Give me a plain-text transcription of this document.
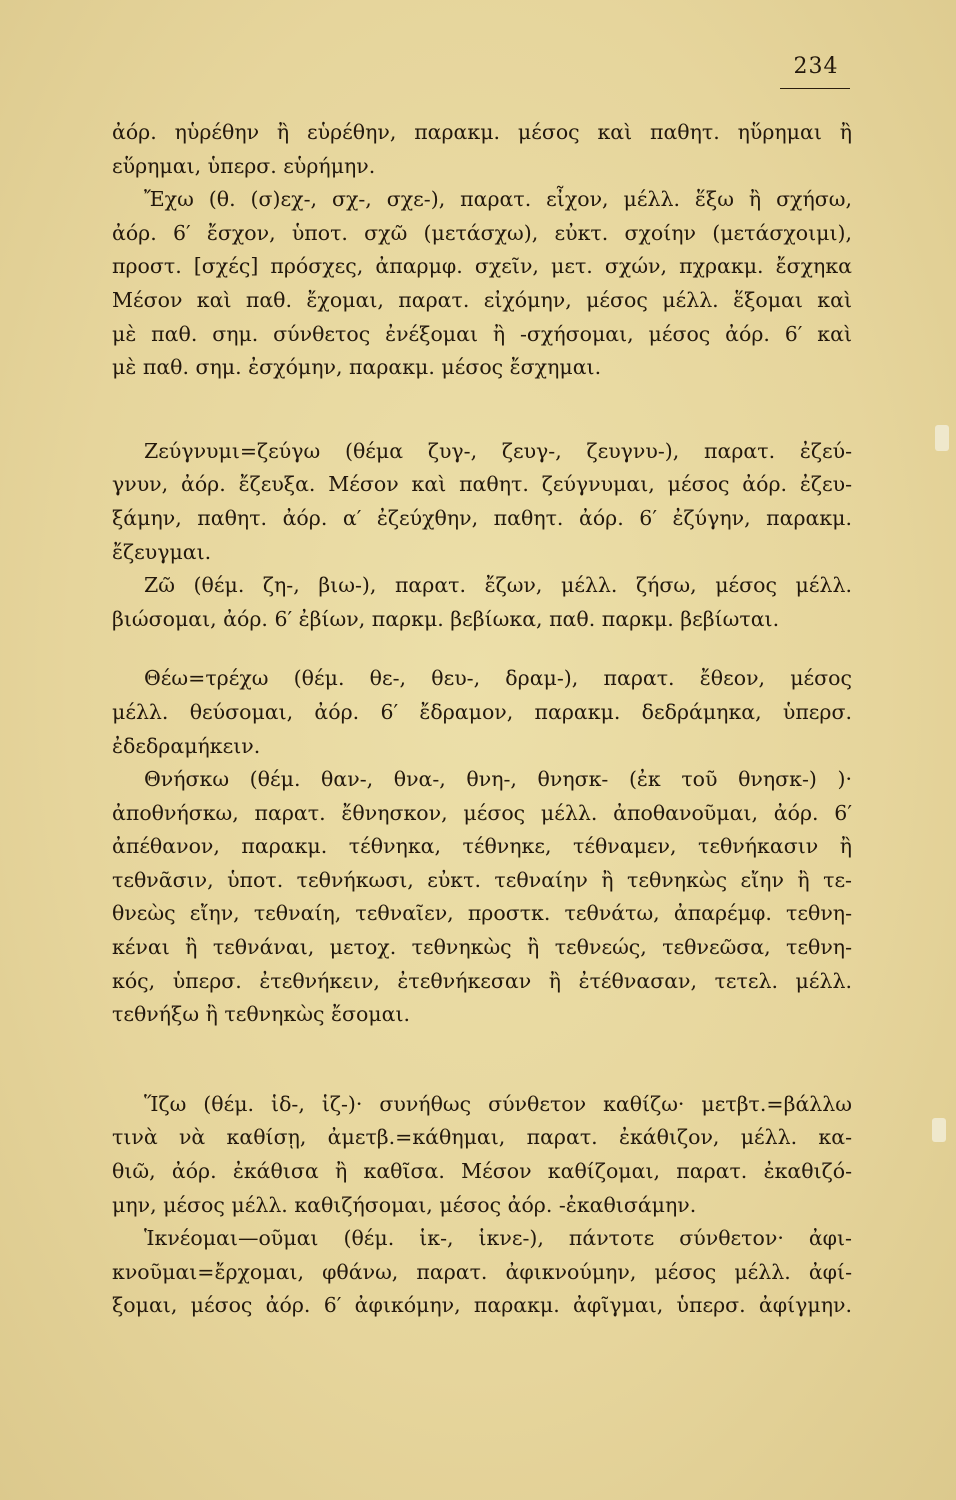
234
ἀόρ. ηὑρέθην ἢ εὑρέθην, παρακμ. μέσος καὶ παθητ. ηὕρημαι ἢ
εὕρημαι, ὑπερσ. εὑρήμην.
Ἔχω (θ. (σ)εχ-, σχ-, σχε-), παρατ. εἶχον, μέλλ. ἕξω ἢ σχήσω,
ἀόρ. 6′ ἔσχον, ὑποτ. σχῶ (μετάσχω), εὐκτ. σχοίην (μετάσχοιμι),
προστ. [σχές] πρόσχες, ἀπαρμφ. σχεῖν, μετ. σχών, πχρακμ. ἔσχηκα
Μέσον καὶ παθ. ἔχομαι, παρατ. εἰχόμην, μέσος μέλλ. ἕξομαι καὶ
μὲ παθ. σημ. σύνθετος ἐνέξομαι ἢ -σχήσομαι, μέσος ἀόρ. 6′ καὶ
μὲ παθ. σημ. ἐσχόμην, παρακμ. μέσος ἔσχημαι.
Ζεύγνυμι=ζεύγω (θέμα ζυγ-, ζευγ-, ζευγνυ-), παρατ. ἐζεύ-
γνυν, ἀόρ. ἔζευξα. Μέσον καὶ παθητ. ζεύγνυμαι, μέσος ἀόρ. ἐζευ-
ξάμην, παθητ. ἀόρ. α′ ἐζεύχθην, παθητ. ἀόρ. 6′ ἐζύγην, παρακμ.
ἔζευγμαι.
Ζῶ (θέμ. ζη-, βιω-), παρατ. ἔζων, μέλλ. ζήσω, μέσος μέλλ.
βιώσομαι, ἀόρ. 6′ ἐβίων, παρκμ. βεβίωκα, παθ. παρκμ. βεβίωται.
Θέω=τρέχω (θέμ. θε-, θευ-, δραμ-), παρατ. ἔθεον, μέσος
μέλλ. θεύσομαι, ἀόρ. 6′ ἔδραμον, παρακμ. δεδράμηκα, ὑπερσ.
ἐδεδραμήκειν.
Θνήσκω (θέμ. θαν-, θνα-, θνη-, θνησκ- (ἐκ τοῦ θνησκ-) )·
ἀποθνήσκω, παρατ. ἔθνησκον, μέσος μέλλ. ἀποθανοῦμαι, ἀόρ. 6′
ἀπέθανον, παρακμ. τέθνηκα, τέθνηκε, τέθναμεν, τεθνήκασιν ἢ
τεθνᾶσιν, ὑποτ. τεθνήκωσι, εὐκτ. τεθναίην ἢ τεθνηκὼς εἴην ἢ τε-
θνεὼς εἴην, τεθναίη, τεθναῖεν, προστκ. τεθνάτω, ἀπαρέμφ. τεθνη-
κέναι ἢ τεθνάναι, μετοχ. τεθνηκὼς ἢ τεθνεώς, τεθνεῶσα, τεθνη-
κός, ὑπερσ. ἐτεθνήκειν, ἐτεθνήκεσαν ἢ ἐτέθνασαν, τετελ. μέλλ.
τεθνήξω ἢ τεθνηκὼς ἔσομαι.
Ἵζω (θέμ. ἱδ-, ἱζ-)· συνήθως σύνθετον καθίζω· μετβτ.=βάλλω
τινὰ νὰ καθίσῃ, ἀμετβ.=κάθημαι, παρατ. ἐκάθιζον, μέλλ. κα-
θιῶ, ἀόρ. ἐκάθισα ἢ καθῖσα. Μέσον καθίζομαι, παρατ. ἐκαθιζό-
μην, μέσος μέλλ. καθιζήσομαι, μέσος ἀόρ. -ἐκαθισάμην.
Ἱκνέομαι—οῦμαι (θέμ. ἱκ-, ἱκνε-), πάντοτε σύνθετον· ἀφι-
κνοῦμαι=ἔρχομαι, φθάνω, παρατ. ἀφικνούμην, μέσος μέλλ. ἀφί-
ξομαι, μέσος ἀόρ. 6′ ἀφικόμην, παρακμ. ἀφῖγμαι, ὑπερσ. ἀφίγμην.
